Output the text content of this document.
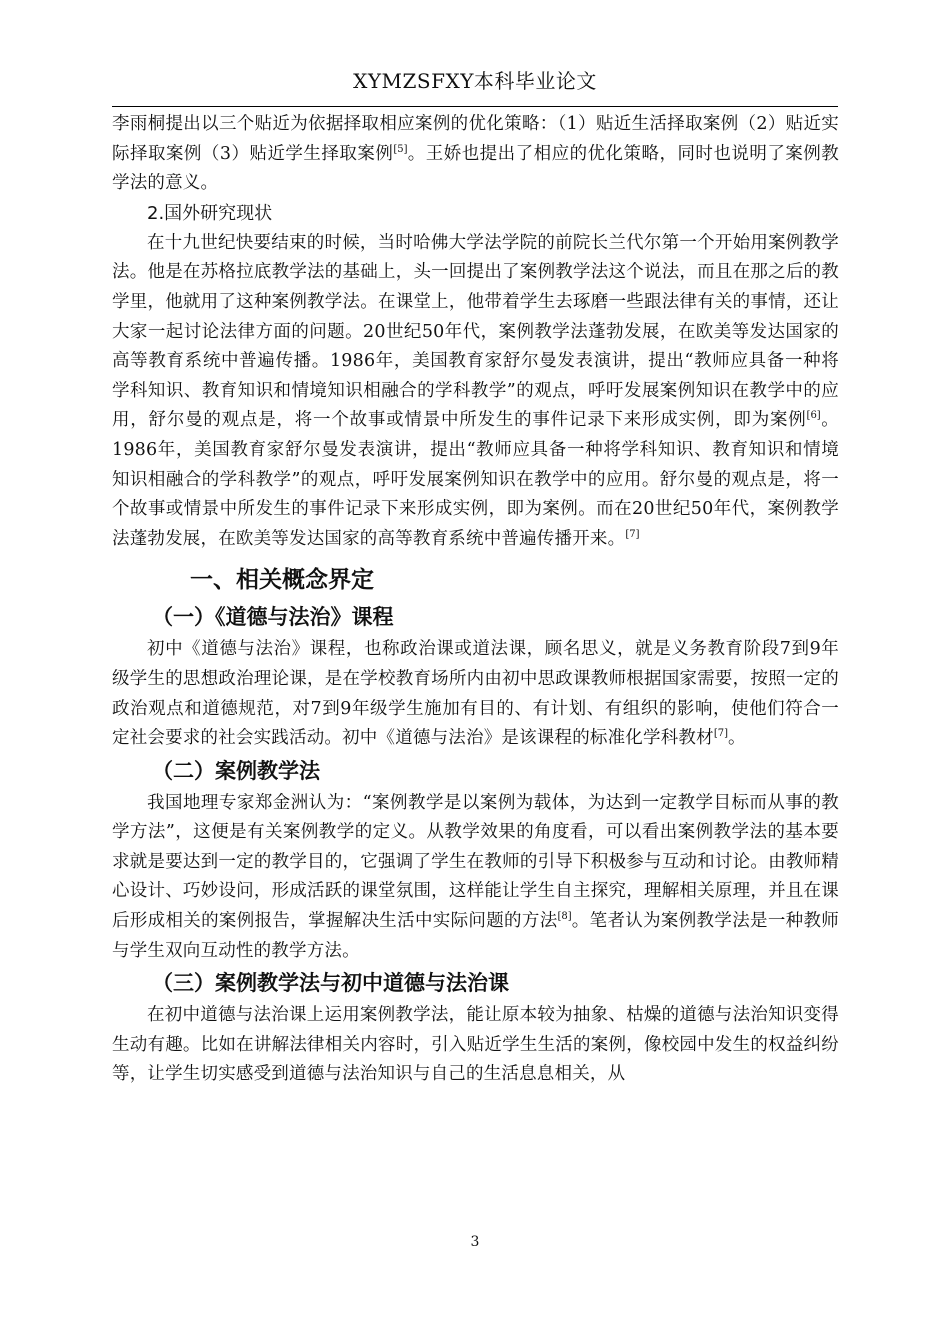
XYMZSFXY本科毕业论文

李雨桐提出以三个贴近为依据择取相应案例的优化策略：（1）贴近生活择取案例（2）贴近实际择取案例（3）贴近学生择取案例[5]。王娇也提出了相应的优化策略，同时也说明了案例教学法的意义。

2.国外研究现状

在十九世纪快要结束的时候，当时哈佛大学法学院的前院长兰代尔第一个开始用案例教学法。他是在苏格拉底教学法的基础上，头一回提出了案例教学法这个说法，而且在那之后的教学里，他就用了这种案例教学法。在课堂上，他带着学生去琢磨一些跟法律有关的事情，还让大家一起讨论法律方面的问题。20世纪50年代，案例教学法蓬勃发展，在欧美等发达国家的高等教育系统中普遍传播。1986年，美国教育家舒尔曼发表演讲，提出“教师应具备一种将学科知识、教育知识和情境知识相融合的学科教学”的观点，呼吁发展案例知识在教学中的应用，舒尔曼的观点是，将一个故事或情景中所发生的事件记录下来形成实例，即为案例[6]。1986年，美国教育家舒尔曼发表演讲，提出“教师应具备一种将学科知识、教育知识和情境知识相融合的学科教学”的观点，呼吁发展案例知识在教学中的应用。舒尔曼的观点是，将一个故事或情景中所发生的事件记录下来形成实例，即为案例。而在20世纪50年代，案例教学法蓬勃发展，在欧美等发达国家的高等教育系统中普遍传播开来。[7]

一、相关概念界定
（一）《道德与法治》课程

初中《道德与法治》课程，也称政治课或道法课，顾名思义，就是义务教育阶段7到9年级学生的思想政治理论课，是在学校教育场所内由初中思政课教师根据国家需要，按照一定的政治观点和道德规范，对7到9年级学生施加有目的、有计划、有组织的影响，使他们符合一定社会要求的社会实践活动。初中《道德与法治》是该课程的标准化学科教材[7]。

（二）案例教学法

我国地理专家郑金洲认为：“案例教学是以案例为载体，为达到一定教学目标而从事的教学方法”，这便是有关案例教学的定义。从教学效果的角度看，可以看出案例教学法的基本要求就是要达到一定的教学目的，它强调了学生在教师的引导下积极参与互动和讨论。由教师精心设计、巧妙设问，形成活跃的课堂氛围，这样能让学生自主探究，理解相关原理，并且在课后形成相关的案例报告，掌握解决生活中实际问题的方法[8]。笔者认为案例教学法是一种教师与学生双向互动性的教学方法。

（三）案例教学法与初中道德与法治课

在初中道德与法治课上运用案例教学法，能让原本较为抽象、枯燥的道德与法治知识变得生动有趣。比如在讲解法律相关内容时，引入贴近学生生活的案例，像校园中发生的权益纠纷等，让学生切实感受到道德与法治知识与自己的生活息息相关，从

3
